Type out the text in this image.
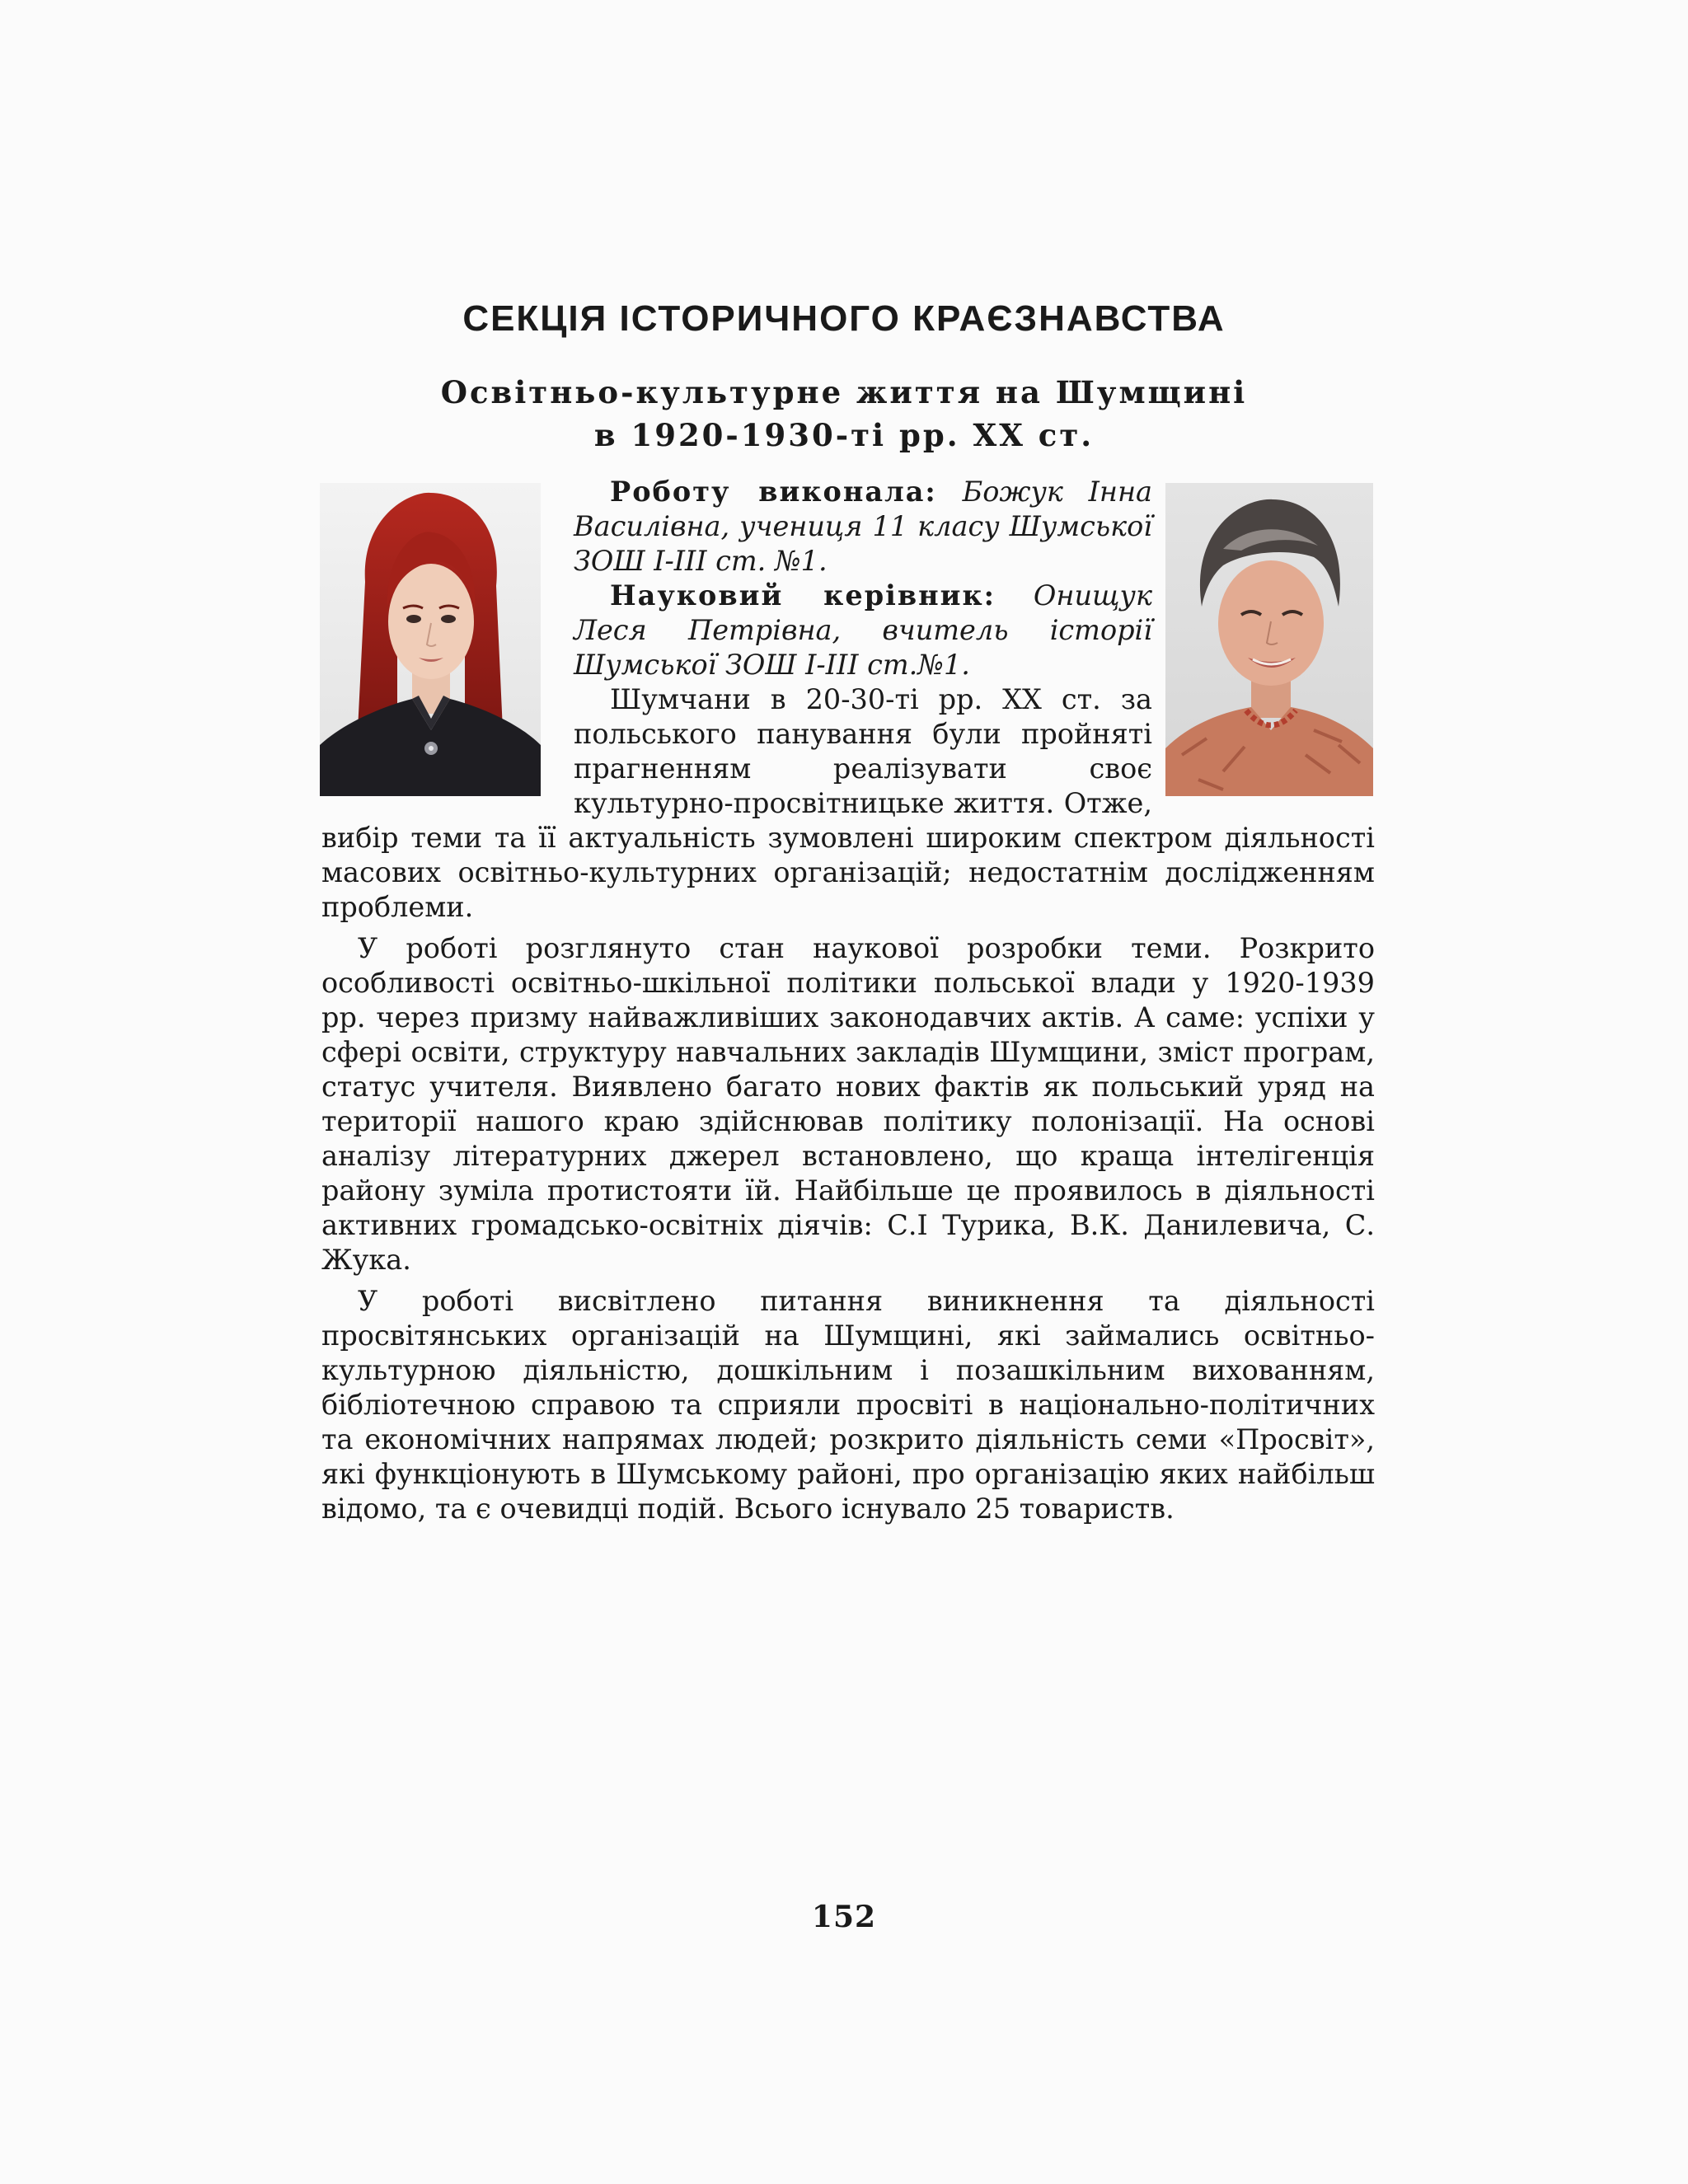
СЕКЦІЯ ІСТОРИЧНОГО КРАЄЗНАВСТВА
Освітньо-культурне життя на Шумщині
в 1920-1930-ті рр. XX ст.

Роботу виконала: Божук Інна Василівна, учениця 11 класу Шумської ЗОШ І-ІІІ ст. №1.

Науковий керівник: Онищук Леся Петрівна, вчитель історії Шумської ЗОШ І-ІІІ ст.№1.

Шумчани в 20-30-ті рр. XX ст. за польського панування були пройняті прагненням реалізувати своє культурно-просвітницьке життя. Отже, вибір теми та її актуальність зумовлені широким спектром діяльності масових освітньо-культурних організацій; недостатнім дослідженням проблеми.

У роботі розглянуто стан наукової розробки теми. Розкрито особливості освітньо-шкільної політики польської влади у 1920-1939 рр. через призму найважливіших законодавчих актів. А саме: успіхи у сфері освіти, структуру навчальних закладів Шумщини, зміст програм, статус учителя. Виявлено багато нових фактів як польський уряд на території нашого краю здійснював політику полонізації. На основі аналізу літературних джерел встановлено, що краща інтелігенція району зуміла протистояти їй. Найбільше це проявилось в діяльності активних громадсько-освітніх діячів: С.І Турика, В.К. Данилевича, С. Жука.

У роботі висвітлено питання виникнення та діяльності просвітянських організацій на Шумщині, які займались освітньо-культурною діяльністю, дошкільним і позашкільним вихованням, бібліотечною справою та сприяли просвіті в національно-політичних та економічних напрямах людей; розкрито діяльність семи «Просвіт», які функціонують в Шумському районі, про організацію яких найбільш відомо, та є очевидці подій. Всього існувало 25 товариств.

152
